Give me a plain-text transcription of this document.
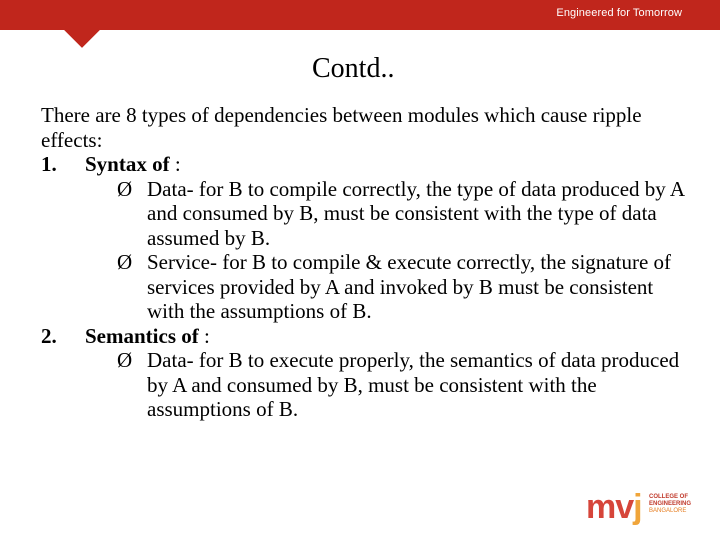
Engineered for Tomorrow
Contd..

There are 8 types of dependencies between modules which cause ripple effects:

1. Syntax of :
Ø Data- for B to compile correctly, the type of data produced by A and consumed by B, must be consistent with the type of data assumed by B.
Ø Service- for B to compile & execute correctly, the signature of services provided by A and invoked by B must be consistent with the assumptions of B.
2. Semantics of :
Ø Data- for B to execute properly, the semantics of data produced by A and consumed by B, must be consistent with the assumptions of B.
mvj COLLEGE OF
ENGINEERING
BANGALORE
